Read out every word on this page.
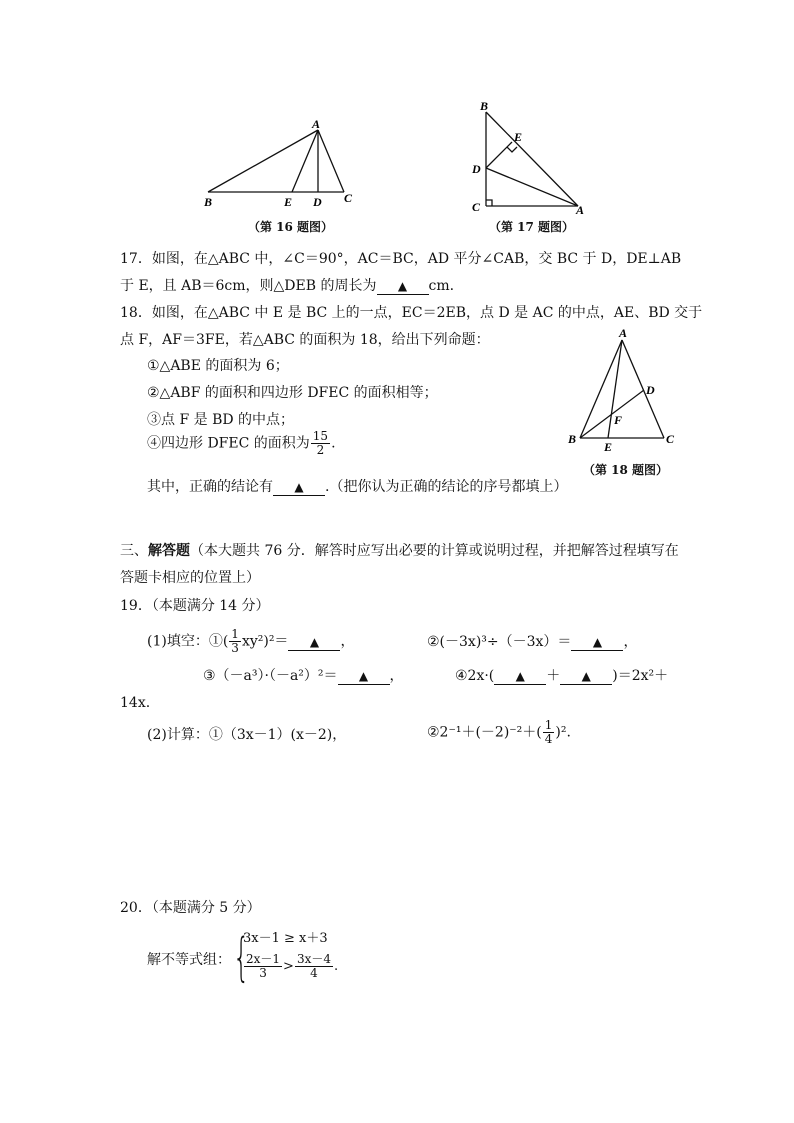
A
B	E D C
（第 16 题图）
B
E
D
C	A
（第 17 题图）
17．如图，在△ABC 中，∠C＝90°，AC＝BC，AD 平分∠CAB，交 BC 于 D，DE⊥AB
于 E，且 AB＝6cm，则△DEB 的周长为 ▲ cm.
18．如图，在△ABC 中 E 是 BC 上的一点，EC＝2EB，点 D 是 AC 的中点，AE、BD 交于
点 F，AF＝3FE，若△ABC 的面积为 18，给出下列命题：
①△ABE 的面积为 6；
②△ABF 的面积和四边形 DFEC 的面积相等；
③点 F 是 BD 的中点；
④四边形 DFEC 的面积为 $\frac{15}{2}$ .
其中，正确的结论有 ▲ .（把你认为正确的结论的序号都填上）
A
D
F
B
E
C
（第 18 题图）
三、解答题（本大题共 76 分．解答时应写出必要的计算或说明过程，并把解答过程填写在
答题卡相应的位置上）
19．（本题满分 14 分）
(1)填空：①( $\frac{1}{3} xy^2)^2=$ ▲ ，	②(－3x)³÷（－3x）＝ ▲ ，
③（－a³）·（－a²）²＝ ▲ ，	④2x·( ▲ ＋ ▲ )＝2x²＋
14x.
(2)计算：①（3x－1）(x－2)，	②2⁻¹＋(－2)⁻²＋( $\frac{1}{4} )^2$.
20．（本题满分 5 分）
解不等式组： {
3x－1 ≥ x＋3
$\frac{2x-1}{3} > \frac{3x-4}{4}$ .
